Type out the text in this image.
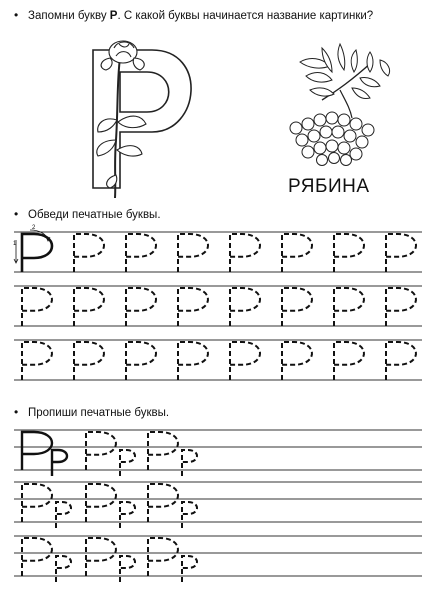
• Запомни букву Р. С какой буквы начинается название картинки?
• Обведи печатные буквы.
• Пропиши печатные буквы.
РЯБИНА
1
2
